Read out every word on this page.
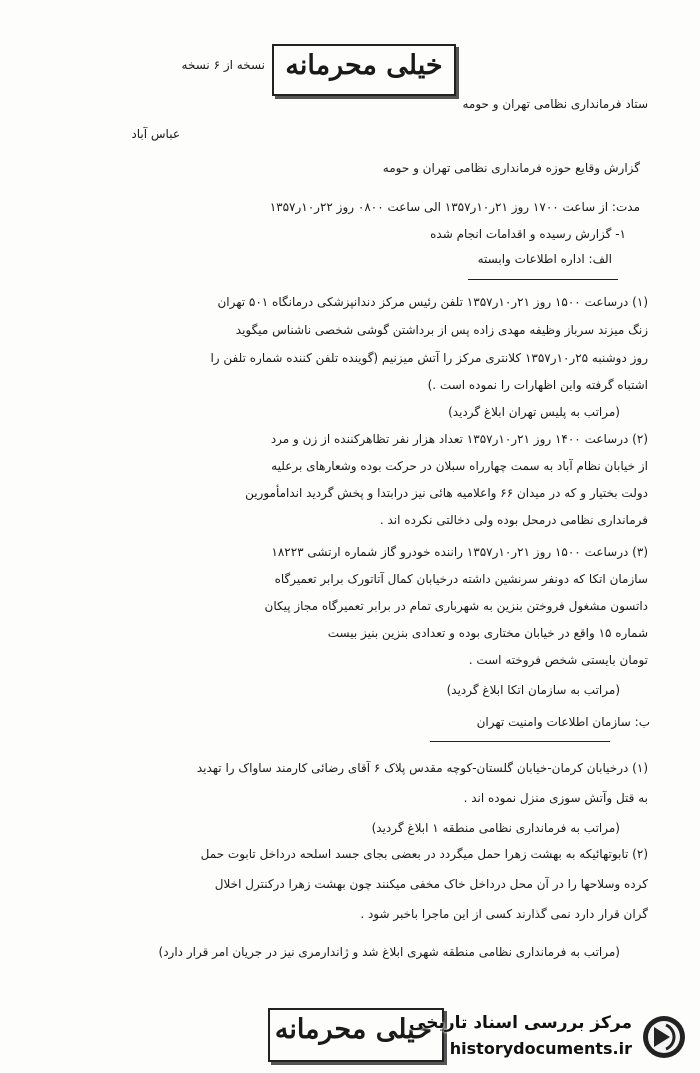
خیلی محرمانه
نسخه از ۶ نسخه
ستاد فرمانداری نظامی تهران و حومه
عباس آباد
گزارش وقایع حوزه فرمانداری نظامی تهران و حومه
مدت: از ساعت ۱۷۰۰ روز ۲۱ر۱۰ر۱۳۵۷ الی ساعت ۰۸۰۰ روز ۲۲ر۱۰ر۱۳۵۷
۱- گزارش رسیده و اقدامات انجام شده
الف: اداره اطلاعات وابسته
(۱) درساعت ۱۵۰۰ روز ۲۱ر۱۰ر۱۳۵۷ تلفن رئیس مرکز دندانپزشکی درمانگاه ۵۰۱ تهران
زنگ میزند سرباز وظیفه مهدی زاده پس از برداشتن گوشی شخصی ناشناس میگوید
روز دوشنبه ۲۵ر۱۰ر۱۳۵۷ کلانتری مرکز را آتش میزنیم (گوینده تلفن کننده شماره تلفن را
اشتباه گرفته واین اظهارات را نموده است .)
(مراتب به پلیس تهران ابلاغ گردید)
(۲) درساعت ۱۴۰۰ روز ۲۱ر۱۰ر۱۳۵۷ تعداد هزار نفر تظاهرکننده از زن و مرد
از خیابان نظام آباد به سمت چهارراه سبلان در حرکت بوده وشعارهای برعلیه
دولت بختیار و که در میدان ۶۶ واعلامیه هائی نیز درابتدا و پخش گردید اندامأمورین
فرمانداری نظامی درمحل بوده ولی دخالتی نکرده اند .
(۳) درساعت ۱۵۰۰ روز ۲۱ر۱۰ر۱۳۵۷ راننده خودرو گاز شماره ارتشی ۱۸۲۲۳
سازمان اتکا که دونفر سرنشین داشته درخیابان کمال آتاتورک برابر تعمیرگاه
داتسون مشغول فروختن بنزین به شهرباری تمام در برابر تعمیرگاه مجاز پیکان
شماره ۱۵ واقع در خیابان مختاری بوده و تعدادی بنزین بنیز بیست
تومان بایستی شخص فروخته است .
(مراتب به سازمان اتکا ابلاغ گردید)
ب: سازمان اطلاعات وامنیت تهران
(۱) درخیابان کرمان-خیابان گلستان-کوچه مقدس پلاک ۶ آقای رضائی کارمند ساواک را تهدید
به قتل وآتش سوزی منزل نموده اند .
(مراتب به فرمانداری نظامی منطقه ۱ ابلاغ گردید)
(۲) تابوتهائیکه به بهشت زهرا حمل میگردد در بعضی بجای جسد اسلحه درداخل تابوت حمل
کرده وسلاحها را در آن محل درداخل خاک مخفی میکنند چون بهشت زهرا درکنترل اخلال
گران قرار دارد نمی گذارند کسی از این ماجرا باخبر شود .
(مراتب به فرمانداری نظامی منطقه شهری ابلاغ شد و ژاندارمری نیز در جریان امر قرار دارد)
خیلی محرمانه
مرکز بررسی اسناد تاریخی
historydocuments.ir
